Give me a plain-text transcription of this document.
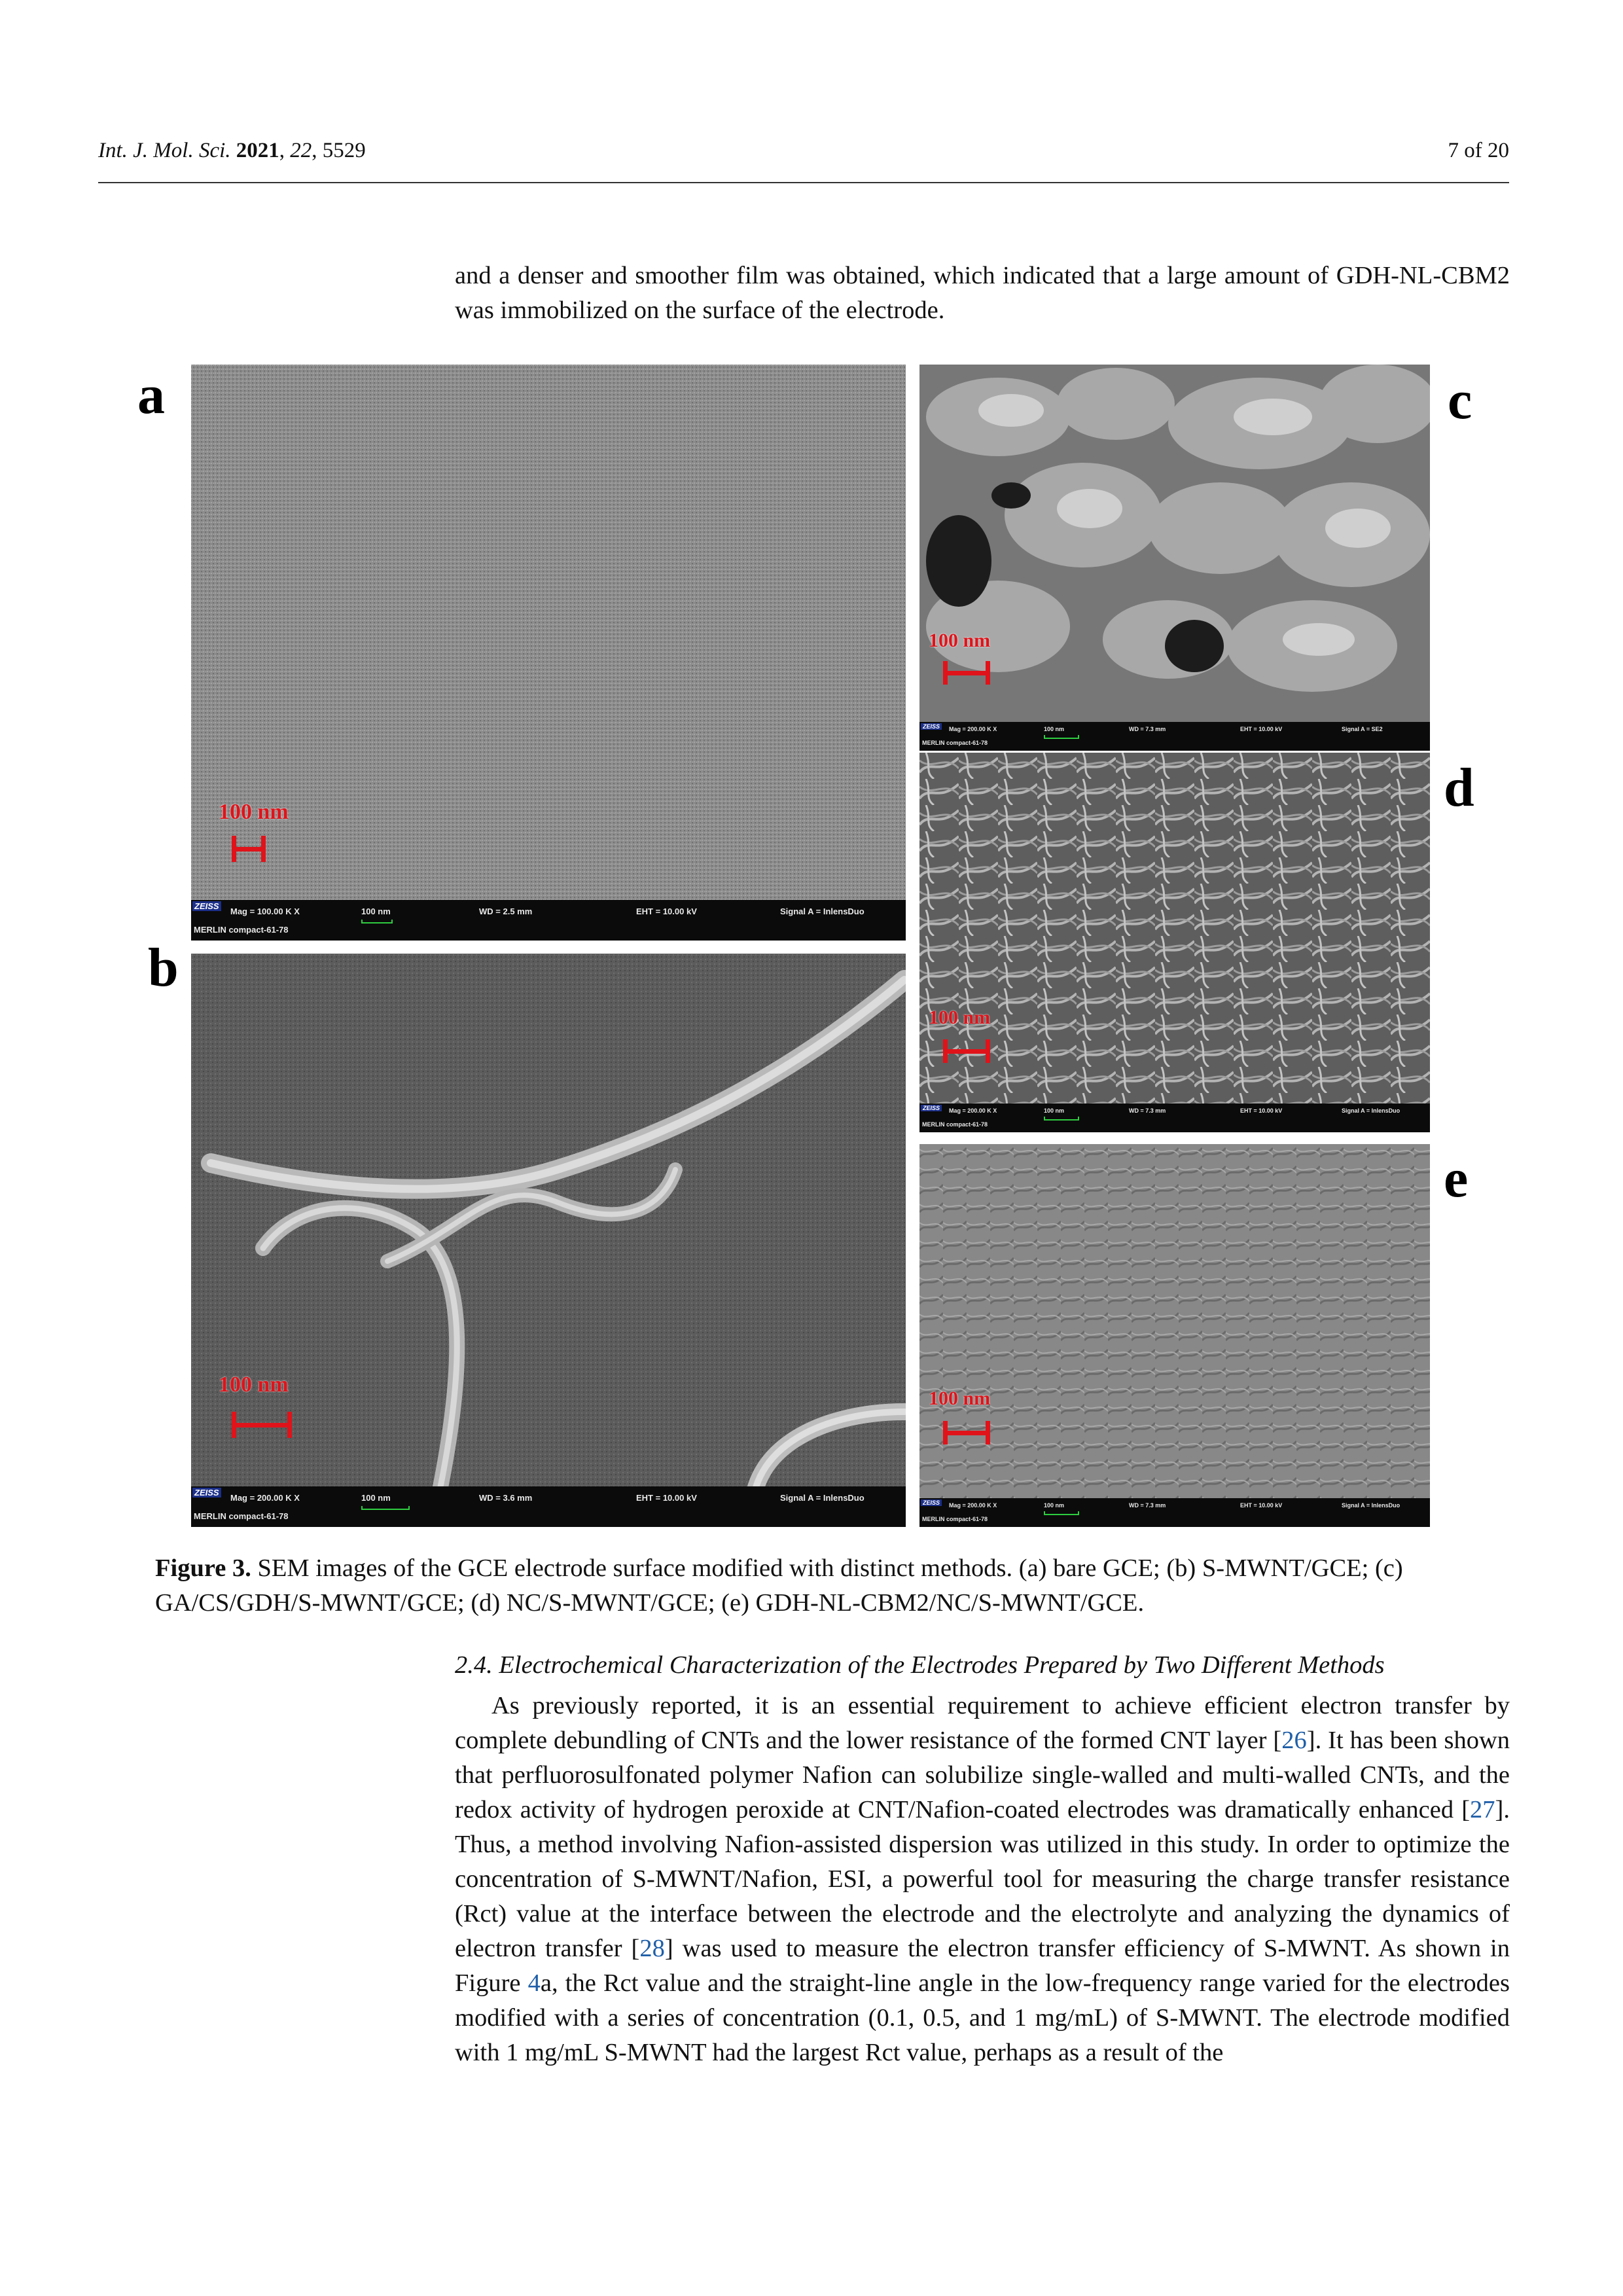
Int. J. Mol. Sci. 2021, 22, 5529	7 of 20
and a denser and smoother film was obtained, which indicated that a large amount of GDH-NL-CBM2 was immobilized on the surface of the electrode.
100 nm
ZEISS
Mag = 100.00 K X	100 nm	WD = 2.5 mm	EHT = 10.00 kV	Signal A = InlensDuo
MERLIN compact-61-78
100 nm
ZEISS
Mag = 200.00 K X	100 nm	WD = 3.6 mm	EHT = 10.00 kV	Signal A = InlensDuo
MERLIN compact-61-78
100 nm
ZEISS	Mag = 200.00 K X	100 nm	WD = 7.3 mm	EHT = 10.00 kV	Signal A = SE2
MERLIN compact-61-78
100 nm
ZEISS	Mag = 200.00 K X	100 nm	WD = 7.3 mm	EHT = 10.00 kV	Signal A = InlensDuo
MERLIN compact-61-78
100 nm
ZEISS	Mag = 200.00 K X	100 nm	WD = 7.3 mm	EHT = 10.00 kV	Signal A = InlensDuo
MERLIN compact-61-78
a
b
c
d
e
Figure 3. SEM images of the GCE electrode surface modified with distinct methods. (a) bare GCE; (b) S-MWNT/GCE; (c) GA/CS/GDH/S-MWNT/GCE; (d) NC/S-MWNT/GCE; (e) GDH-NL-CBM2/NC/S-MWNT/GCE.
2.4. Electrochemical Characterization of the Electrodes Prepared by Two Different Methods
As previously reported, it is an essential requirement to achieve efficient electron transfer by complete debundling of CNTs and the lower resistance of the formed CNT layer [26]. It has been shown that perfluorosulfonated polymer Nafion can solubilize single-walled and multi-walled CNTs, and the redox activity of hydrogen peroxide at CNT/Nafion-coated electrodes was dramatically enhanced [27]. Thus, a method involving Nafion-assisted dispersion was utilized in this study. In order to optimize the concentration of S-MWNT/Nafion, ESI, a powerful tool for measuring the charge transfer resistance (Rct) value at the interface between the electrode and the electrolyte and analyzing the dynamics of electron transfer [28] was used to measure the electron transfer efficiency of S-MWNT. As shown in Figure 4a, the Rct value and the straight-line angle in the low-frequency range varied for the electrodes modified with a series of concentration (0.1, 0.5, and 1 mg/mL) of S-MWNT. The electrode modified with 1 mg/mL S-MWNT had the largest Rct value, perhaps as a result of the
